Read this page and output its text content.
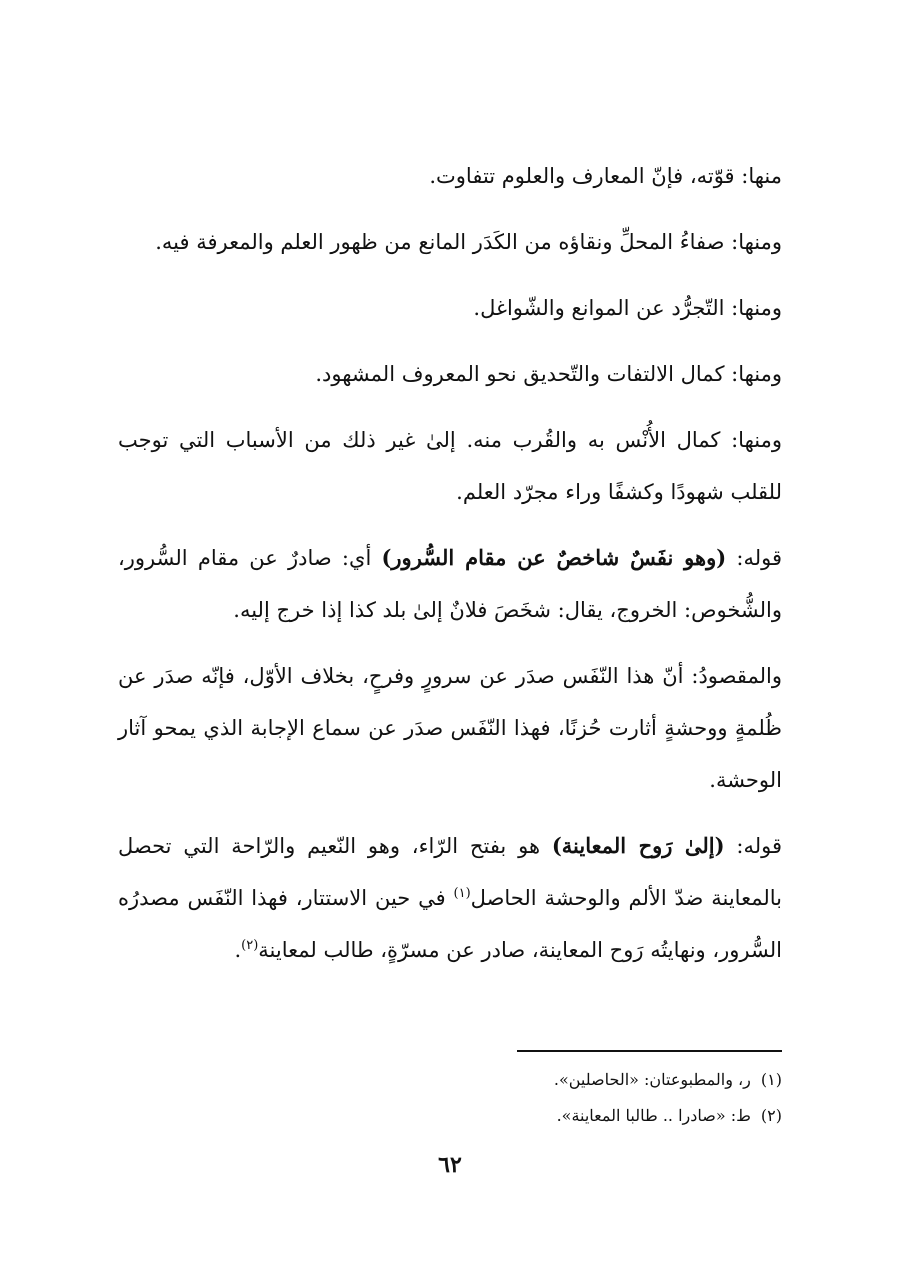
منها: قوّته، فإنّ المعارف والعلوم تتفاوت.

ومنها: صفاءُ المحلِّ ونقاؤه من الكَدَر المانع من ظهور العلم والمعرفة فيه.

ومنها: التّجرُّد عن الموانع والشّواغل.

ومنها: كمال الالتفات والتّحديق نحو المعروف المشهود.

ومنها: كمال الأُنْس به والقُرب منه. إلىٰ غير ذلك من الأسباب التي توجب للقلب شهودًا وكشفًا وراء مجرّد العلم.

قوله: (وهو نفَسٌ شاخصٌ عن مقام السُّرور) أي: صادرٌ عن مقام السُّرور، والشُّخوص: الخروج، يقال: شخَصَ فلانٌ إلىٰ بلد كذا إذا خرج إليه.

والمقصودُ: أنّ هذا النّفَس صدَر عن سرورٍ وفرحٍ، بخلاف الأوّل، فإنّه صدَر عن ظُلمةٍ ووحشةٍ أثارت حُزنًا، فهذا النّفَس صدَر عن سماع الإجابة الذي يمحو آثار الوحشة.

قوله: (إلىٰ رَوح المعاينة) هو بفتح الرّاء، وهو النّعيم والرّاحة التي تحصل بالمعاينة ضدّ الألم والوحشة الحاصل$^{(١)}$ في حين الاستتار، فهذا النّفَس مصدرُه السُّرور، ونهايتُه رَوح المعاينة، صادر عن مسرّةٍ، طالب لمعاينة$^{(٢)}$.

(١)ر، والمطبوعتان: «الحاصلين».

(٢)ط: «صادرا .. طالبا المعاينة».

٦٢
